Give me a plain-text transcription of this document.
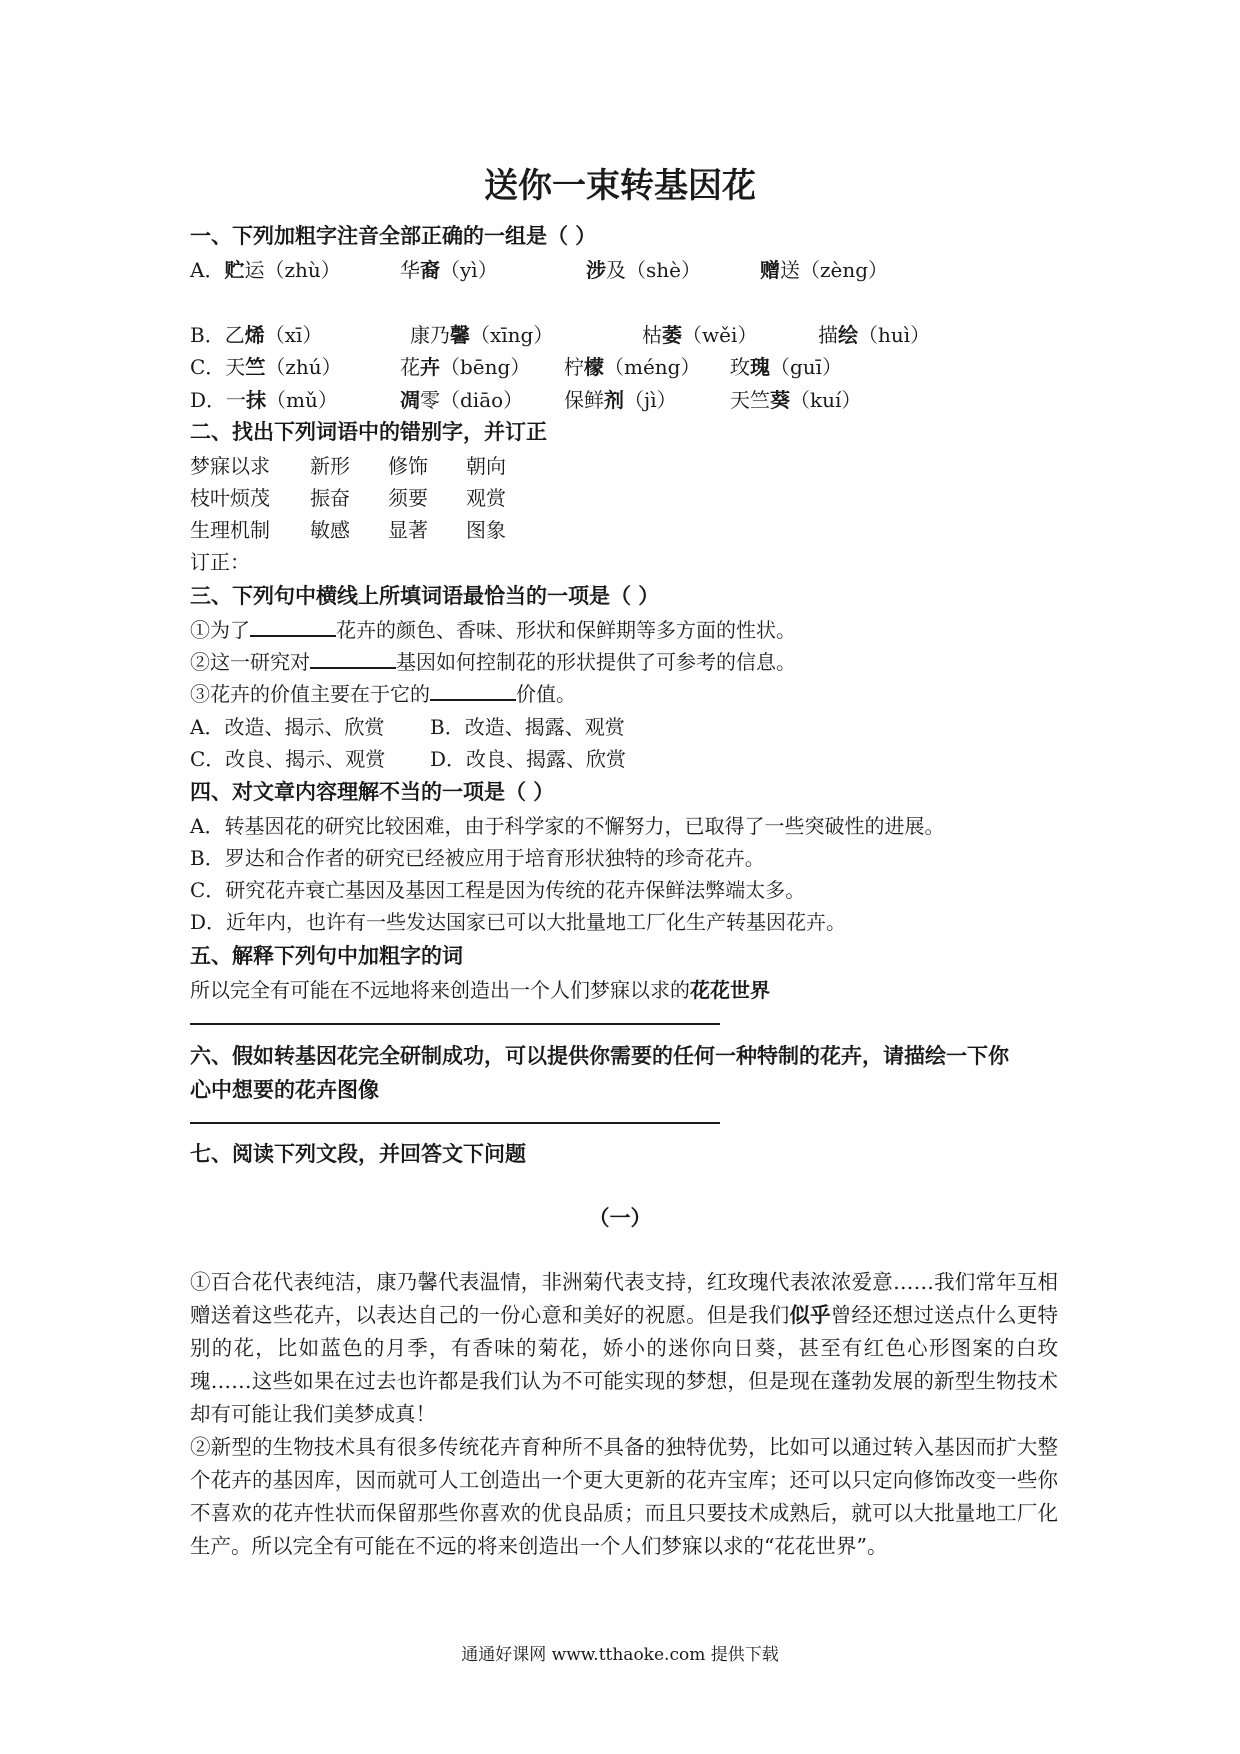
送你一束转基因花
一、下列加粗字注音全部正确的一组是（ ）
A．贮运（zhù）	华裔（yì）	涉及（shè）	赠送（zèng）
B．乙烯（xī）	康乃馨（xīng）	枯萎（wěi）	描绘（huì）
C．天竺（zhú）	花卉（bēng） 柠檬（méng） 玫瑰（guī）
D．一抹（mǔ）	凋零（diāo） 保鲜剂（jì）	天竺葵（kuí）
二、找出下列词语中的错别字，并订正
梦寐以求 新形 修饰 朝向
枝叶烦茂 振奋 须要 观赏
生理机制 敏感 显著 图象
订正：
三、下列句中横线上所填词语最恰当的一项是（ ）
①为了	花卉的颜色、香味、形状和保鲜期等多方面的性状。
②这一研究对	基因如何控制花的形状提供了可参考的信息。
③花卉的价值主要在于它的	价值。
A．改造、揭示、欣赏 B．改造、揭露、观赏
C．改良、揭示、观赏 D．改良、揭露、欣赏
四、对文章内容理解不当的一项是（ ）
A．转基因花的研究比较困难，由于科学家的不懈努力，已取得了一些突破性的进展。
B．罗达和合作者的研究已经被应用于培育形状独特的珍奇花卉。
C．研究花卉衰亡基因及基因工程是因为传统的花卉保鲜法弊端太多。
D．近年内，也许有一些发达国家已可以大批量地工厂化生产转基因花卉。
五、解释下列句中加粗字的词
所以完全有可能在不远地将来创造出一个人们梦寐以求的花花世界
六、假如转基因花完全研制成功，可以提供你需要的任何一种特制的花卉，请描绘一下你
心中想要的花卉图像
七、阅读下列文段，并回答文下问题
（一）
①百合花代表纯洁，康乃馨代表温情，非洲菊代表支持，红玫瑰代表浓浓爱意……我们常年互相赠送着这些花卉，以表达自己的一份心意和美好的祝愿。但是我们似乎曾经还想过送点什么更特别的花，比如蓝色的月季，有香味的菊花，娇小的迷你向日葵，甚至有红色心形图案的白玫瑰……这些如果在过去也许都是我们认为不可能实现的梦想，但是现在蓬勃发展的新型生物技术却有可能让我们美梦成真！
②新型的生物技术具有很多传统花卉育种所不具备的独特优势，比如可以通过转入基因而扩大整个花卉的基因库，因而就可人工创造出一个更大更新的花卉宝库；还可以只定向修饰改变一些你不喜欢的花卉性状而保留那些你喜欢的优良品质；而且只要技术成熟后，就可以大批量地工厂化生产。所以完全有可能在不远的将来创造出一个人们梦寐以求的“花花世界”。
通通好课网 www.tthaoke.com 提供下载
